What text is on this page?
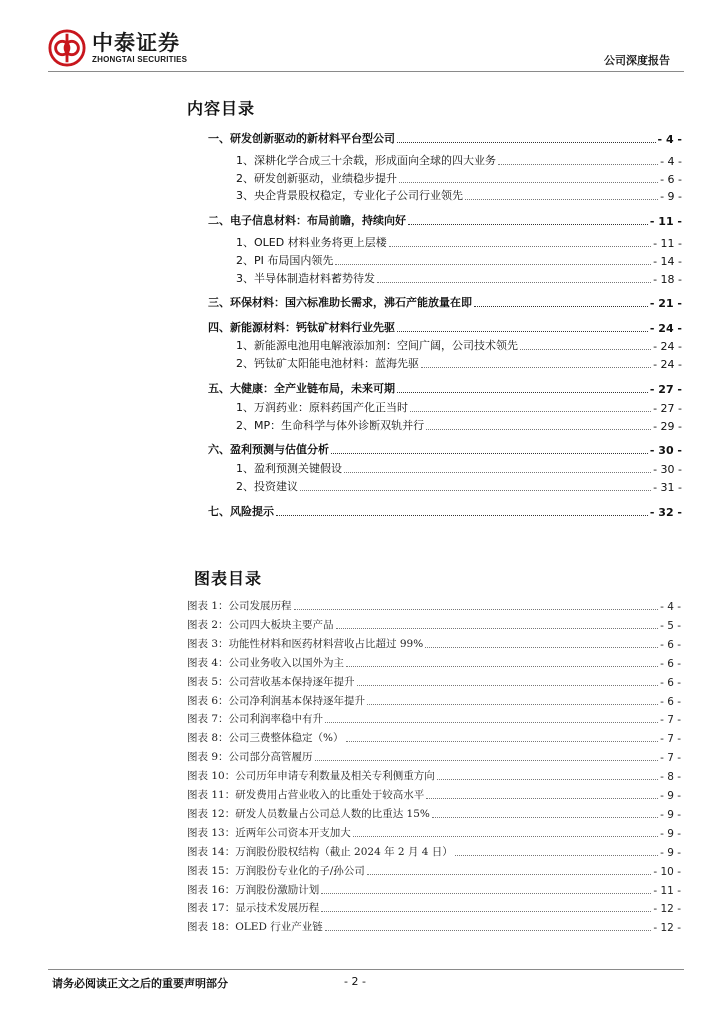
中泰证券
ZHONGTAI SECURITIES	公司深度报告
内容目录
一、研发创新驱动的新材料平台型公司	- 4 -
1、深耕化学合成三十余载，形成面向全球的四大业务	- 4 -
2、研发创新驱动，业绩稳步提升	- 6 -
3、央企背景股权稳定，专业化子公司行业领先	- 9 -
二、电子信息材料：布局前瞻，持续向好	- 11 -
1、OLED 材料业务将更上层楼	- 11 -
2、PI 布局国内领先	- 14 -
3、半导体制造材料蓄势待发	- 18 -
三、环保材料：国六标准助长需求，沸石产能放量在即	- 21 -
四、新能源材料：钙钛矿材料行业先驱	- 24 -
1、新能源电池用电解液添加剂：空间广阔，公司技术领先	- 24 -
2、钙钛矿太阳能电池材料：蓝海先驱	- 24 -
五、大健康：全产业链布局，未来可期	- 27 -
1、万润药业：原料药国产化正当时	- 27 -
2、MP：生命科学与体外诊断双轨并行	- 29 -
六、盈利预测与估值分析	- 30 -
1、盈利预测关键假设	- 30 -
2、投资建议	- 31 -
七、风险提示	- 32 -
图表目录
图表 1：公司发展历程	- 4 -
图表 2：公司四大板块主要产品	- 5 -
图表 3：功能性材料和医药材料营收占比超过 99%	- 6 -
图表 4：公司业务收入以国外为主	- 6 -
图表 5：公司营收基本保持逐年提升	- 6 -
图表 6：公司净利润基本保持逐年提升	- 6 -
图表 7：公司利润率稳中有升	- 7 -
图表 8：公司三费整体稳定（%）	- 7 -
图表 9：公司部分高管履历	- 7 -
图表 10：公司历年申请专利数量及相关专利侧重方向	- 8 -
图表 11：研发费用占营业收入的比重处于较高水平	- 9 -
图表 12：研发人员数量占公司总人数的比重达 15%	- 9 -
图表 13：近两年公司资本开支加大	- 9 -
图表 14：万润股份股权结构（截止 2024 年 2 月 4 日）	- 9 -
图表 15：万润股份专业化的子/孙公司	- 10 -
图表 16：万润股份激励计划	- 11 -
图表 17：显示技术发展历程	- 12 -
图表 18：OLED 行业产业链	- 12 -
请务必阅读正文之后的重要声明部分	- 2 -
